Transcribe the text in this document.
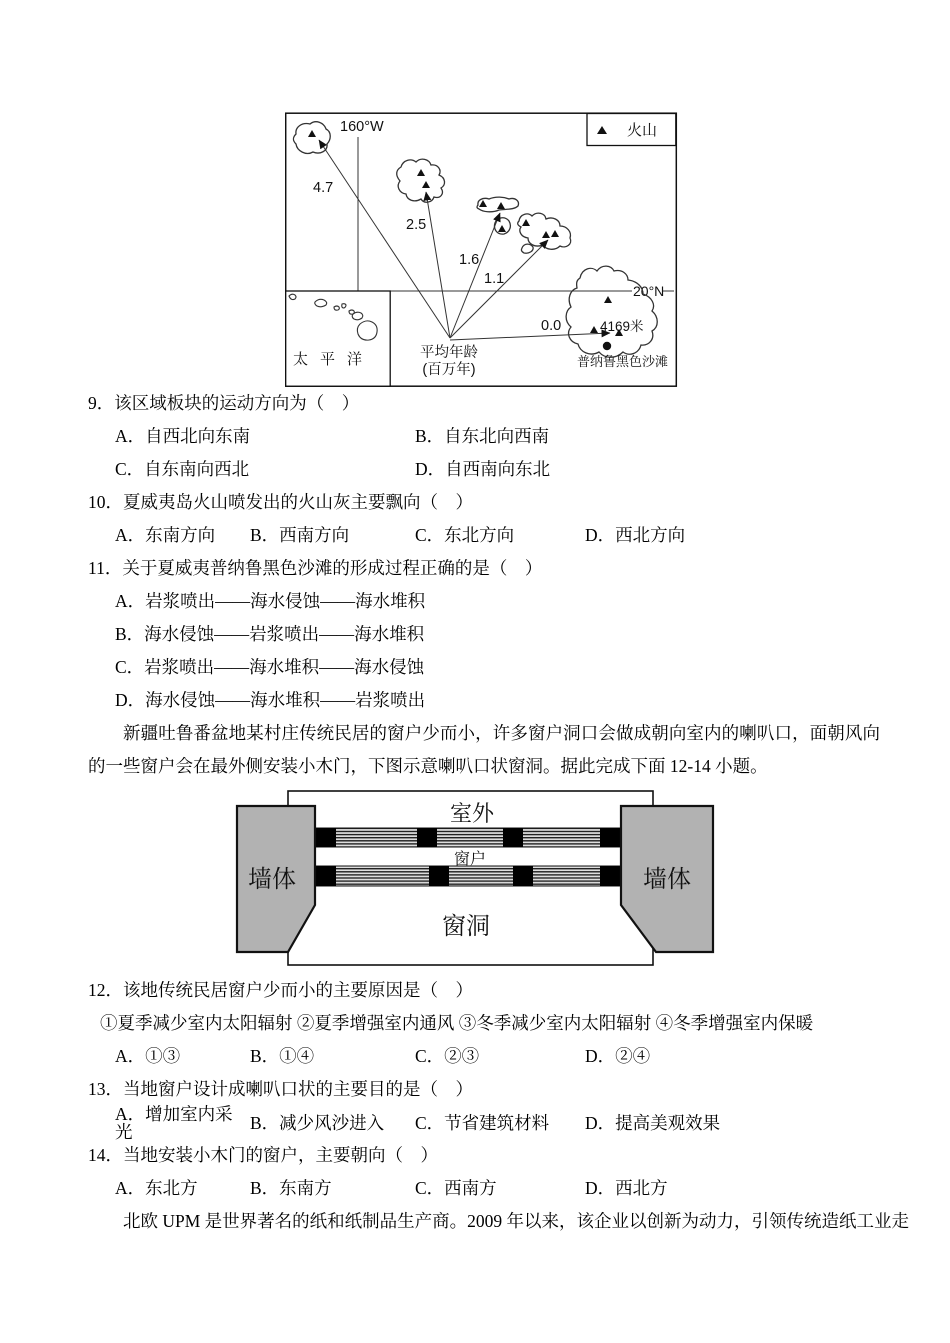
160°W
20°N
4.7
2.5
1.6
1.1
0.0	4169米
普纳鲁黑色沙滩
平均年龄
(百万年)
火山
太平洋
9．该区域板块的运动方向为（　）
A．自西北向东南	B．自东北向西南
C．自东南向西北	D．自西南向东北
10．夏威夷岛火山喷发出的火山灰主要飘向（　）
A．东南方向	B．西南方向	C．东北方向	D．西北方向
11．关于夏威夷普纳鲁黑色沙滩的形成过程正确的是（　）
A．岩浆喷出——海水侵蚀——海水堆积
B．海水侵蚀——岩浆喷出——海水堆积
C．岩浆喷出——海水堆积——海水侵蚀
D．海水侵蚀——海水堆积——岩浆喷出
新疆吐鲁番盆地某村庄传统民居的窗户少而小，许多窗户洞口会做成朝向室内的喇叭口，面朝风向的一些窗户会在最外侧安装小木门，下图示意喇叭口状窗洞。据此完成下面 12-14 小题。
室外
窗户
窗洞
墙体	墙体
12．该地传统民居窗户少而小的主要原因是（　）
①夏季减少室内太阳辐射 ②夏季增强室内通风 ③冬季减少室内太阳辐射 ④冬季增强室内保暖
A．①③	B．①④	C．②③	D．②④
13．当地窗户设计成喇叭口状的主要目的是（　）
A．增加室内采光	B．减少风沙进入	C．节省建筑材料	D．提高美观效果
14．当地安装小木门的窗户，主要朝向（　）
A．东北方	B．东南方	C．西南方	D．西北方
北欧 UPM 是世界著名的纸和纸制品生产商。2009 年以来，该企业以创新为动力，引领传统造纸工业走
